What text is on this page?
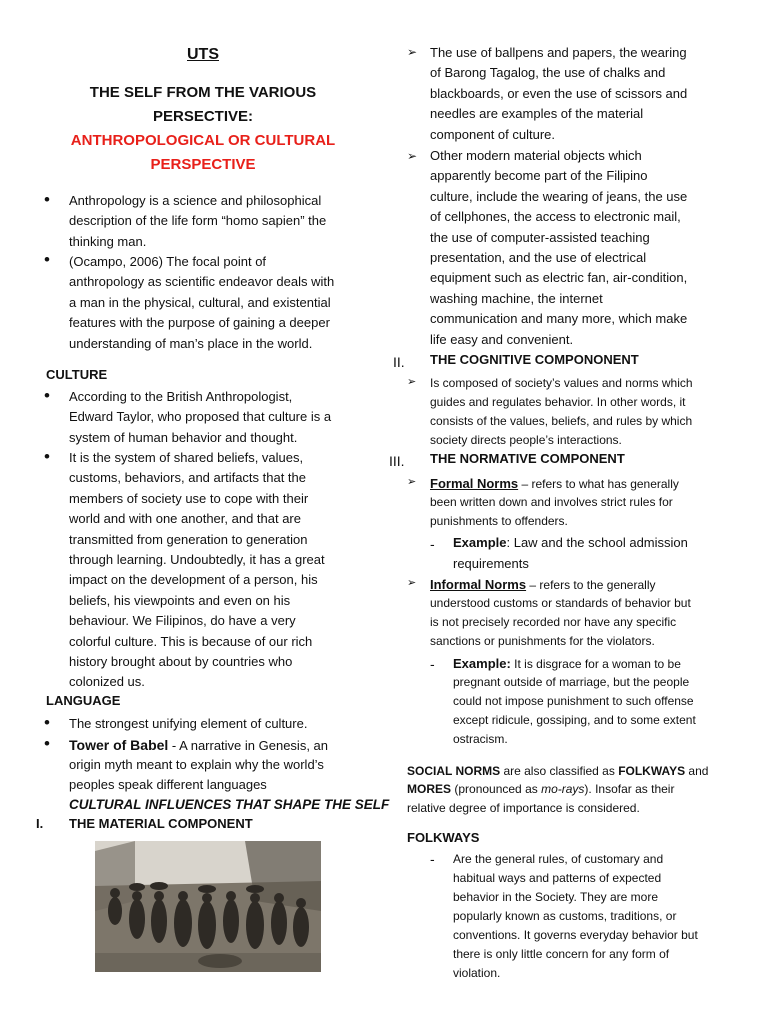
UTS
THE SELF FROM THE VARIOUS
PERSECTIVE:
ANTHROPOLOGICAL OR CULTURAL
PERSPECTIVE
• Anthropology is a science and philosophical
description of the life form “homo sapien” the
thinking man.
• (Ocampo, 2006) The focal point of
anthropology as scientific endeavor deals with
a man in the physical, cultural, and existential
features with the purpose of gaining a deeper
understanding of man’s place in the world.
CULTURE
• According to the British Anthropologist,
Edward Taylor, who proposed that culture is a
system of human behavior and thought.
• It is the system of shared beliefs, values,
customs, behaviors, and artifacts that the
members of society use to cope with their
world and with one another, and that are
transmitted from generation to generation
through learning. Undoubtedly, it has a great
impact on the development of a person, his
beliefs, his viewpoints and even on his
behaviour. We Filipinos, do have a very
colorful culture. This is because of our rich
history brought about by countries who
colonized us.
LANGUAGE
• The strongest unifying element of culture.
• Tower of Babel - A narrative in Genesis, an
origin myth meant to explain why the world’s
peoples speak different languages
CULTURAL INFLUENCES THAT SHAPE THE SELF
I. THE MATERIAL COMPONENT
➢ The use of ballpens and papers, the wearing
of Barong Tagalog, the use of chalks and
blackboards, or even the use of scissors and
needles are examples of the material
component of culture.
➢ Other modern material objects which
apparently become part of the Filipino
culture, include the wearing of jeans, the use
of cellphones, the access to electronic mail,
the use of computer-assisted teaching
presentation, and the use of electrical
equipment such as electric fan, air-condition,
washing machine, the internet
communication and many more, which make
life easy and convenient.
II. THE COGNITIVE COMPONONENT
➢ Is composed of society’s values and norms which
guides and regulates behavior. In other words, it
consists of the values, beliefs, and rules by which
society directs people’s interactions.
III. THE NORMATIVE COMPONENT
➢ Formal Norms – refers to what has generally
been written down and involves strict rules for
punishments to offenders.
- Example: Law and the school admission
requirements
➢ Informal Norms – refers to the generally
understood customs or standards of behavior but
is not precisely recorded nor have any specific
sanctions or punishments for the violators.
- Example: It is disgrace for a woman to be
pregnant outside of marriage, but the people
could not impose punishment to such offense
except ridicule, gossiping, and to some extent
ostracism.
SOCIAL NORMS are also classified as FOLKWAYS and
MORES (pronounced as mo-rays). Insofar as their
relative degree of importance is considered.
FOLKWAYS
- Are the general rules, of customary and
habitual ways and patterns of expected
behavior in the Society. They are more
popularly known as customs, traditions, or
conventions. It governs everyday behavior but
there is only little concern for any form of
violation.
